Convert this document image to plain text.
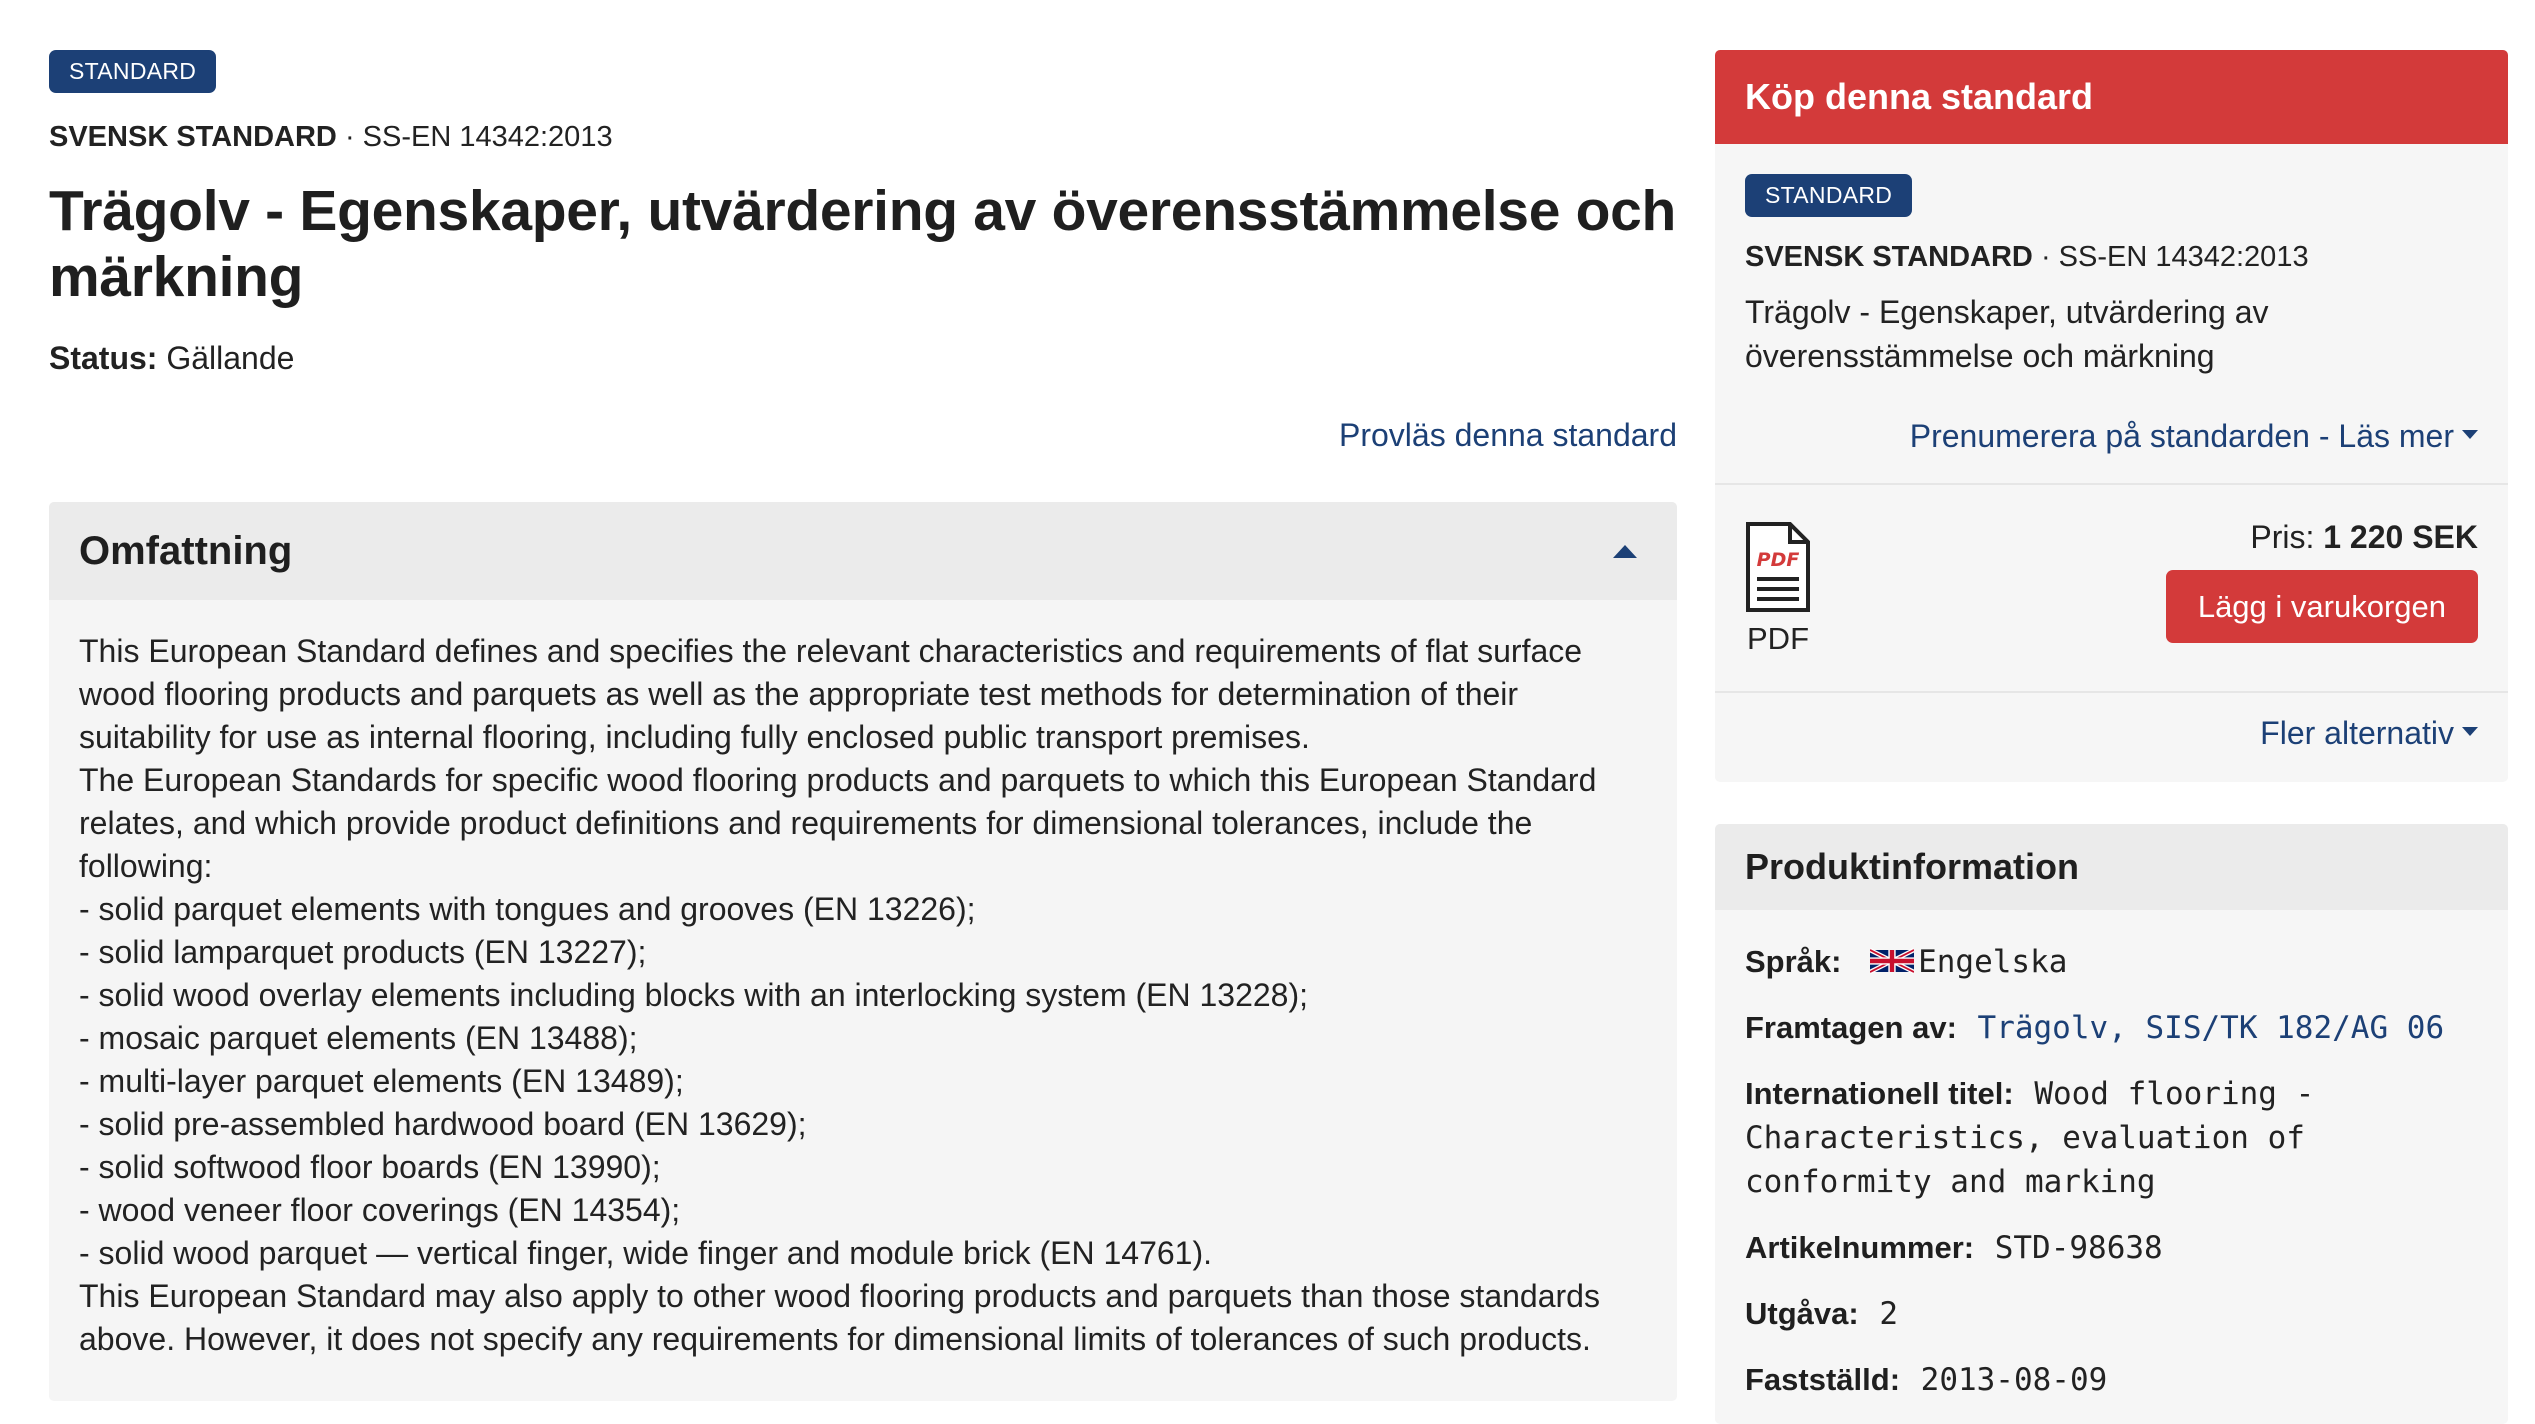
STANDARD
SVENSK STANDARD · SS-EN 14342:2013
Trägolv - Egenskaper, utvärdering av överensstämmelse och märkning
Status: Gällande
Provläs denna standard
Omfattning

This European Standard defines and specifies the relevant characteristics and requirements of flat surface wood flooring products and parquets as well as the appropriate test methods for determination of their suitability for use as internal flooring, including fully enclosed public transport premises.

The European Standards for specific wood flooring products and parquets to which this European Standard relates, and which provide product definitions and requirements for dimensional tolerances, include the following:

- solid parquet elements with tongues and grooves (EN 13226);

- solid lamparquet products (EN 13227);

- solid wood overlay elements including blocks with an interlocking system (EN 13228);

- mosaic parquet elements (EN 13488);

- multi-layer parquet elements (EN 13489);

- solid pre-assembled hardwood board (EN 13629);

- solid softwood floor boards (EN 13990);

- wood veneer floor coverings (EN 14354);

- solid wood parquet — vertical finger, wide finger and module brick (EN 14761).

This European Standard may also apply to other wood flooring products and parquets than those standards above. However, it does not specify any requirements for dimensional limits of tolerances of such products.

Köp denna standard
STANDARD
SVENSK STANDARD · SS-EN 14342:2013
Trägolv - Egenskaper, utvärdering av överensstämmelse och märkning
Prenumerera på standarden - Läs mer
PDF
PDF
Pris: 1 220 SEK
Lägg i varukorgen
Fler alternativ
Produktinformation
Språk: Engelska
Framtagen av: Trägolv, SIS/TK 182/AG 06
Internationell titel: Wood flooring - Characteristics, evaluation of conformity and marking
Artikelnummer: STD-98638
Utgåva: 2
Fastställd: 2013-08-09
